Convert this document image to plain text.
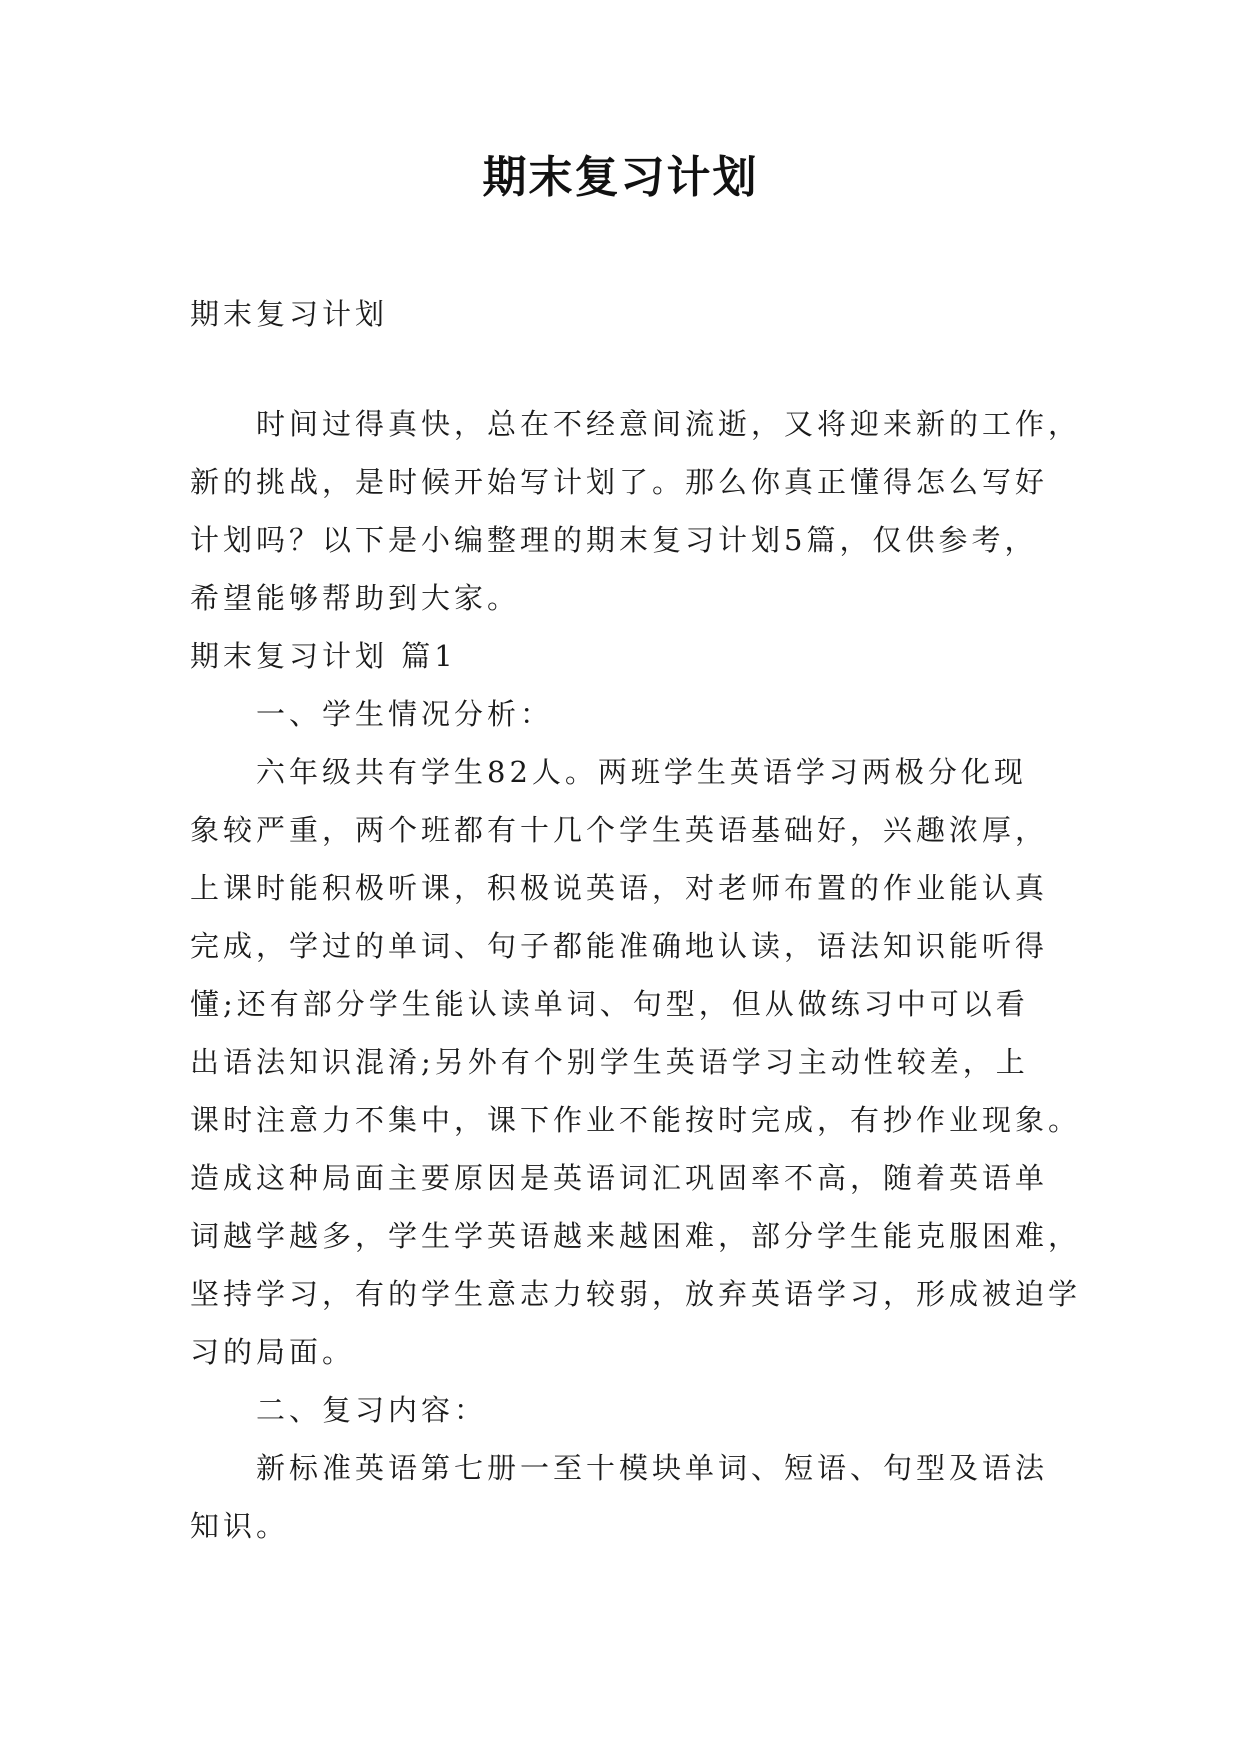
期末复习计划
期末复习计划
时间过得真快，总在不经意间流逝，又将迎来新的工作，
新的挑战，是时候开始写计划了。那么你真正懂得怎么写好
计划吗？以下是小编整理的期末复习计划5篇，仅供参考，
希望能够帮助到大家。
期末复习计划 篇1
一、学生情况分析：
六年级共有学生82人。两班学生英语学习两极分化现
象较严重，两个班都有十几个学生英语基础好，兴趣浓厚，
上课时能积极听课，积极说英语，对老师布置的作业能认真
完成，学过的单词、句子都能准确地认读，语法知识能听得
懂;还有部分学生能认读单词、句型，但从做练习中可以看
出语法知识混淆;另外有个别学生英语学习主动性较差，上
课时注意力不集中，课下作业不能按时完成，有抄作业现象。
造成这种局面主要原因是英语词汇巩固率不高，随着英语单
词越学越多，学生学英语越来越困难，部分学生能克服困难，
坚持学习，有的学生意志力较弱，放弃英语学习，形成被迫学
习的局面。
二、复习内容：
新标准英语第七册一至十模块单词、短语、句型及语法
知识。
